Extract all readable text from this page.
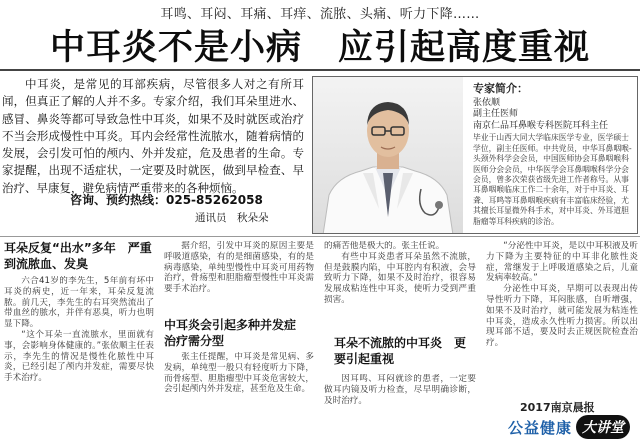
耳鸣、耳闷、耳痛、耳痒、流脓、头痛、听力下降……
中耳炎不是小病　应引起高度重视
中耳炎，是常见的耳部疾病，尽管很多人对之有所耳闻，但真正了解的人并不多。专家介绍，我们耳朵里进水、感冒、鼻炎等都可导致急性中耳炎，如果不及时就医或治疗不当会形成慢性中耳炎。耳内会经常性流脓水，随着病情的发展，会引发可怕的颅内、外并发症，危及患者的生命。专家提醒，出现不适症状，一定要及时就医，做到早检查、早治疗、早康复，避免病情严重带来的各种烦恼。
咨询、预约热线：025-85262058
通讯员　秋朵朵
专家简介：
张依顺
副主任医师
南京仁品耳鼻喉专科医院耳科主任
毕业于山西大同大学临床医学专业，医学硕士学位，副主任医师。中共党员，中华耳鼻咽喉-头颈外科学会会员，中国医师协会耳鼻咽喉科医师分会会员，中华医学会耳鼻咽喉科学分会会员，曾多次荣获省级先进工作者称号。从事耳鼻咽喉临床工作二十余年，对于中耳炎、耳聋、耳鸣等耳鼻咽喉疾病有丰富临床经验，尤其擅长耳显微外科手术，对中耳炎、外耳道胆脂瘤等耳科疾病的诊治。
耳朵反复“出水”多年　严重到流脓血、发臭

六合41岁的李先生，5年前有坏中耳炎的病史，近一年来，耳朵反复流脓。前几天，李先生的右耳突然流出了带血丝的脓水，并伴有恶臭，听力也明显下降。

“这个耳朵一直流脓水，里面就有事，会影响身体健康的。”张依顺主任表示，李先生的情况是慢性化脓性中耳炎，已经引起了颅内并发症，需要尽快手术治疗。

中耳炎会引起多种并发症　治疗需分型

据介绍，引发中耳炎的原因主要是呼吸道感染，有的是细菌感染，有的是病毒感染，单纯型慢性中耳炎可用药物治疗，骨疡型和胆脂瘤型慢性中耳炎需要手术治疗。

张主任提醒，中耳炎是常见病、多发病，单纯型一般只有轻度听力下降，而骨疡型、胆脂瘤型中耳炎危害较大，会引起颅内外并发症，甚至危及生命。

的痛苦他是极大的。张主任说。

有些中耳炎患者耳朵虽然不流脓，但是鼓膜内陷，中耳腔内有积液，会导致听力下降，如果不及时治疗，很容易发展成粘连性中耳炎，使听力受到严重损害。

耳朵不流脓的中耳炎　更要引起重视

因耳鸣、耳闷就诊的患者，一定要做耳内镜及听力检查，尽早明确诊断，及时治疗。

“分泌性中耳炎，是以中耳积液及听力下降为主要特征的中耳非化脓性炎症，常继发于上呼吸道感染之后，儿童发病率较高。”

分泌性中耳炎，早期可以表现出传导性听力下降，耳闷胀感，自听增强，如果不及时治疗，就可能发展为粘连性中耳炎，造成永久性听力损害。所以出现耳部不适，要及时去正规医院检查治疗。

2017南京晨报
公益健康 大讲堂
